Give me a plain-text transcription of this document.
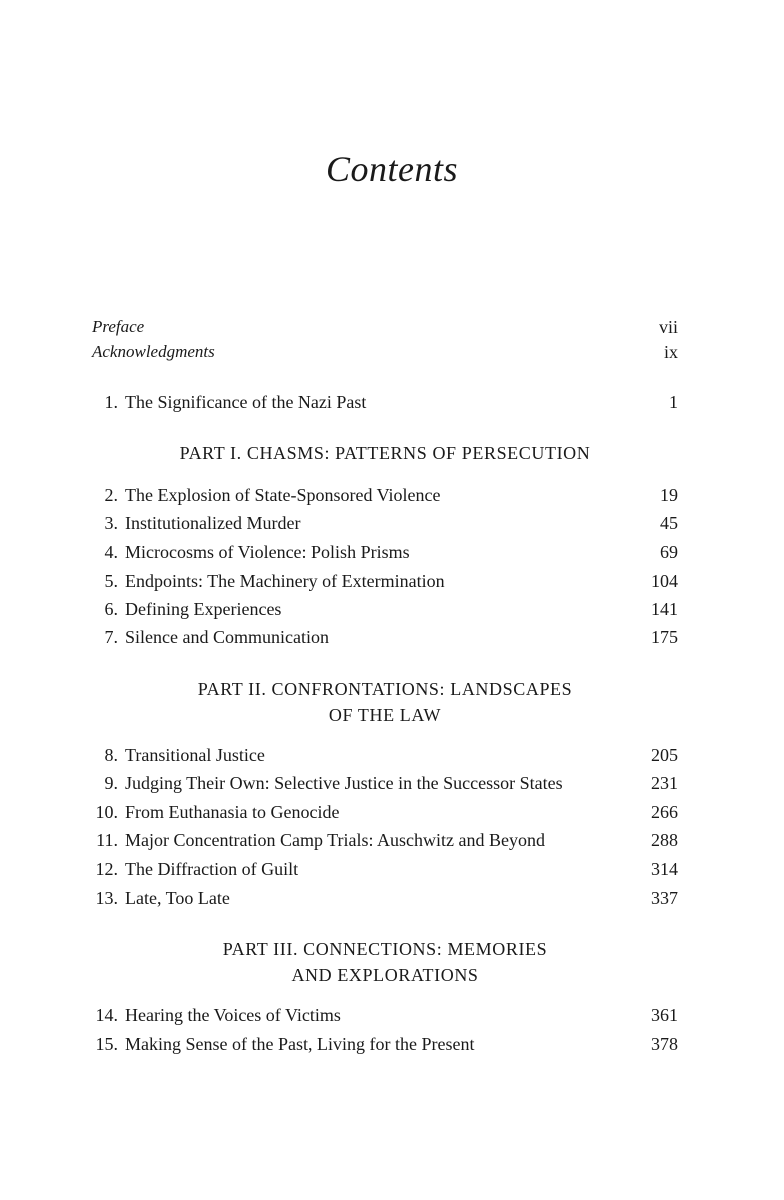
Contents
Preface	vii
Acknowledgments	ix
1. The Significance of the Nazi Past	1
PART I. CHASMS: PATTERNS OF PERSECUTION
2. The Explosion of State-Sponsored Violence	19
3. Institutionalized Murder	45
4. Microcosms of Violence: Polish Prisms	69
5. Endpoints: The Machinery of Extermination	104
6. Defining Experiences	141
7. Silence and Communication	175
PART II. CONFRONTATIONS: LANDSCAPES
OF THE LAW
8. Transitional Justice	205
9. Judging Their Own: Selective Justice in the Successor States	231
10. From Euthanasia to Genocide	266
11. Major Concentration Camp Trials: Auschwitz and Beyond	288
12. The Diffraction of Guilt	314
13. Late, Too Late	337
PART III. CONNECTIONS: MEMORIES
AND EXPLORATIONS
14. Hearing the Voices of Victims	361
15. Making Sense of the Past, Living for the Present	378
